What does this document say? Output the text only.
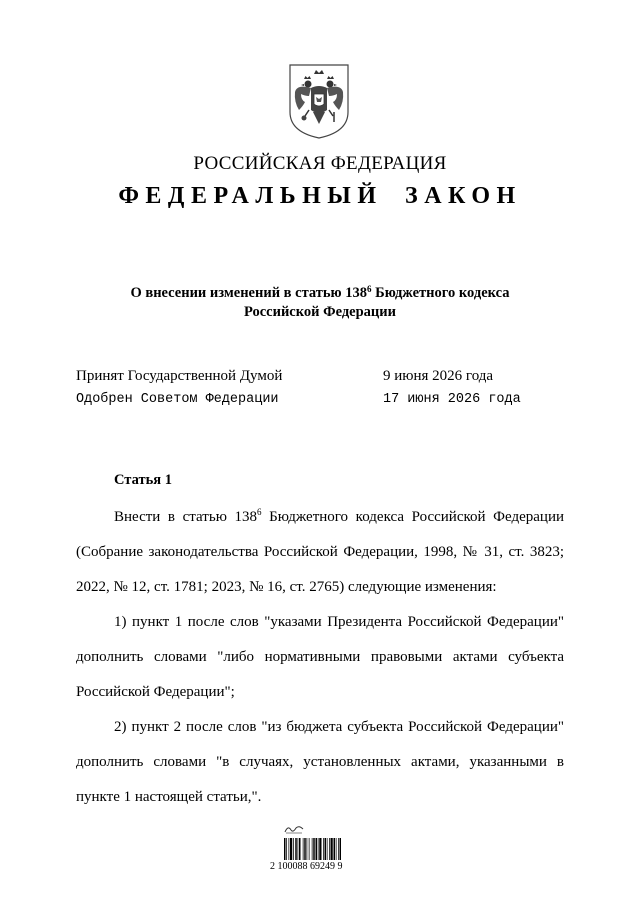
РОССИЙСКАЯ ФЕДЕРАЦИЯ
ФЕДЕРАЛЬНЫЙ ЗАКОН
О внесении изменений в статью $138^6$ Бюджетного кодекса
Российской Федерации
Принят Государственной Думой	9 июня 2026 года
Одобрен Советом Федерации	17 июня 2026 года
Статья 1
Внести в статью $138^6$ Бюджетного кодекса Российской Федерации (Собрание законодательства Российской Федерации, 1998, № 31, ст. 3823; 2022, № 12, ст. 1781; 2023, № 16, ст. 2765) следующие изменения:
1) пункт 1 после слов "указами Президента Российской Федерации" дополнить словами "либо нормативными правовыми актами субъекта Российской Федерации";
2) пункт 2 после слов "из бюджета субъекта Российской Федерации" дополнить словами "в случаях, установленных актами, указанными в пункте 1 настоящей статьи,".
2 100088 69249 9
